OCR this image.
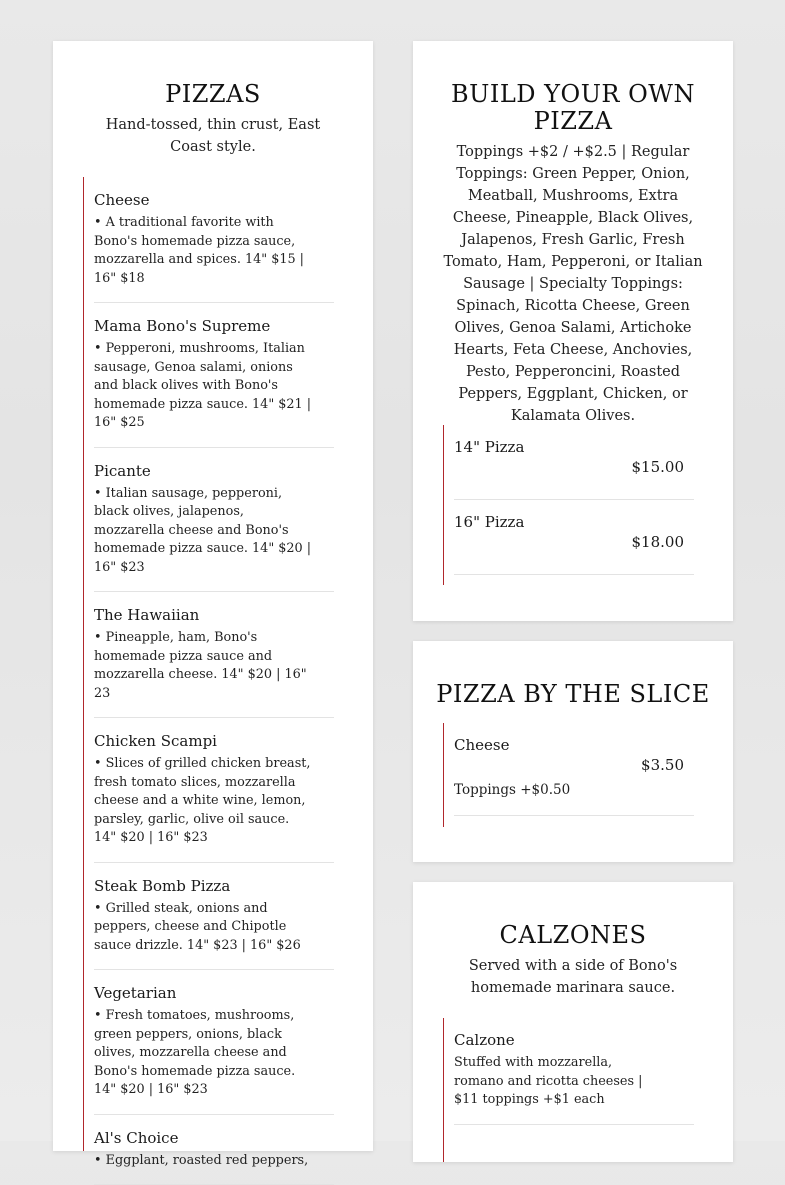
PIZZAS
Hand-tossed, thin crust, East Coast style.
Cheese
• A traditional favorite with Bono's homemade pizza sauce, mozzarella and spices. 14" $15 | 16" $18
Mama Bono's Supreme
• Pepperoni, mushrooms, Italian sausage, Genoa salami, onions and black olives with Bono's homemade pizza sauce. 14" $21 | 16" $25
Picante
• Italian sausage, pepperoni, black olives, jalapenos, mozzarella cheese and Bono's homemade pizza sauce. 14" $20 | 16" $23
The Hawaiian
• Pineapple, ham, Bono's homemade pizza sauce and mozzarella cheese. 14" $20 | 16" 23
Chicken Scampi
• Slices of grilled chicken breast, fresh tomato slices, mozzarella cheese and a white wine, lemon, parsley, garlic, olive oil sauce. 14" $20 | 16" $23
Steak Bomb Pizza
• Grilled steak, onions and peppers, cheese and Chipotle sauce drizzle. 14" $23 | 16" $26
Vegetarian
• Fresh tomatoes, mushrooms, green peppers, onions, black olives, mozzarella cheese and Bono's homemade pizza sauce. 14" $20 | 16" $23
Al's Choice
• Eggplant, roasted red peppers,
BUILD YOUR OWN PIZZA
Toppings +$2 / +$2.5 | Regular Toppings: Green Pepper, Onion, Meatball, Mushrooms, Extra Cheese, Pineapple, Black Olives, Jalapenos, Fresh Garlic, Fresh Tomato, Ham, Pepperoni, or Italian Sausage | Specialty Toppings: Spinach, Ricotta Cheese, Green Olives, Genoa Salami, Artichoke Hearts, Feta Cheese, Anchovies, Pesto, Pepperoncini, Roasted Peppers, Eggplant, Chicken, or Kalamata Olives.
14" Pizza
$15.00
16" Pizza
$18.00
PIZZA BY THE SLICE
Cheese
$3.50
Toppings +$0.50
CALZONES
Served with a side of Bono's homemade marinara sauce.
Calzone
Stuffed with mozzarella, romano and ricotta cheeses | $11 toppings +$1 each
